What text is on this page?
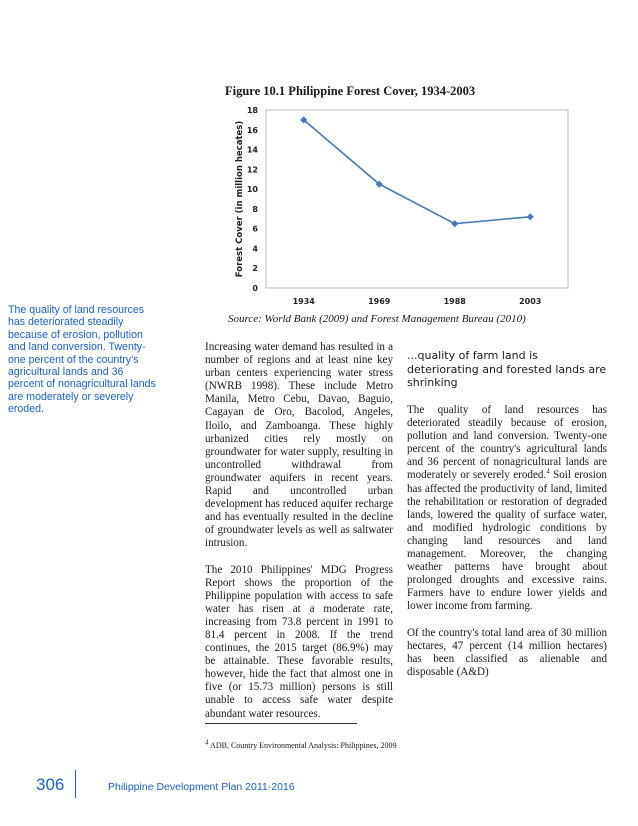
Figure 10.1 Philippine Forest Cover, 1934-2003
Forest Cover (in million hecates)
0
2
4
6
8
10
12
14
16
18
1934	1969	1988	2003
Source: World Bank (2009) and Forest Management Bureau (2010)
The quality of land resources
has deteriorated steadily
because of erosion, pollution
and land conversion. Twenty-
one percent of the country's
agricultural lands and 36
percent of nonagricultural lands
are moderately or severely
eroded.

Increasing water demand has resulted in a number of regions and at least nine key urban centers experiencing water stress (NWRB 1998). These include Metro Manila, Metro Cebu, Davao, Baguio, Cagayan de Oro, Bacolod, Angeles, Iloilo, and Zamboanga. These highly urbanized cities rely mostly on groundwater for water supply, resulting in uncontrolled withdrawal from groundwater aquifers in recent years. Rapid and uncontrolled urban development has reduced aquifer recharge and has eventually resulted in the decline of groundwater levels as well as saltwater intrusion.

The 2010 Philippines' MDG Progress Report shows the proportion of the Philippine population with access to safe water has risen at a moderate rate, increasing from 73.8 percent in 1991 to 81.4 percent in 2008. If the trend continues, the 2015 target (86.9%) may be attainable. These favorable results, however, hide the fact that almost one in five (or 15.73 million) persons is still unable to access safe water despite abundant water resources.

...quality of farm land is deteriorating and forested lands are shrinking

The quality of land resources has deteriorated steadily because of erosion, pollution and land conversion. Twenty-one percent of the country's agricultural lands and 36 percent of nonagricultural lands are moderately or severely eroded.$^4$ Soil erosion has affected the productivity of land, limited the rehabilitation or restoration of degraded lands, lowered the quality of surface water, and modified hydrologic conditions by changing land resources and land management. Moreover, the changing weather patterns have brought about prolonged droughts and excessive rains. Farmers have to endure lower yields and lower income from farming.

Of the country's total land area of 30 million hectares, 47 percent (14 million hectares) has been classified as alienable and disposable (A&D)

$^4$ ADB, Country Environmental Analysis: Philippines, 2009
306	Philippine Development Plan 2011-2016
